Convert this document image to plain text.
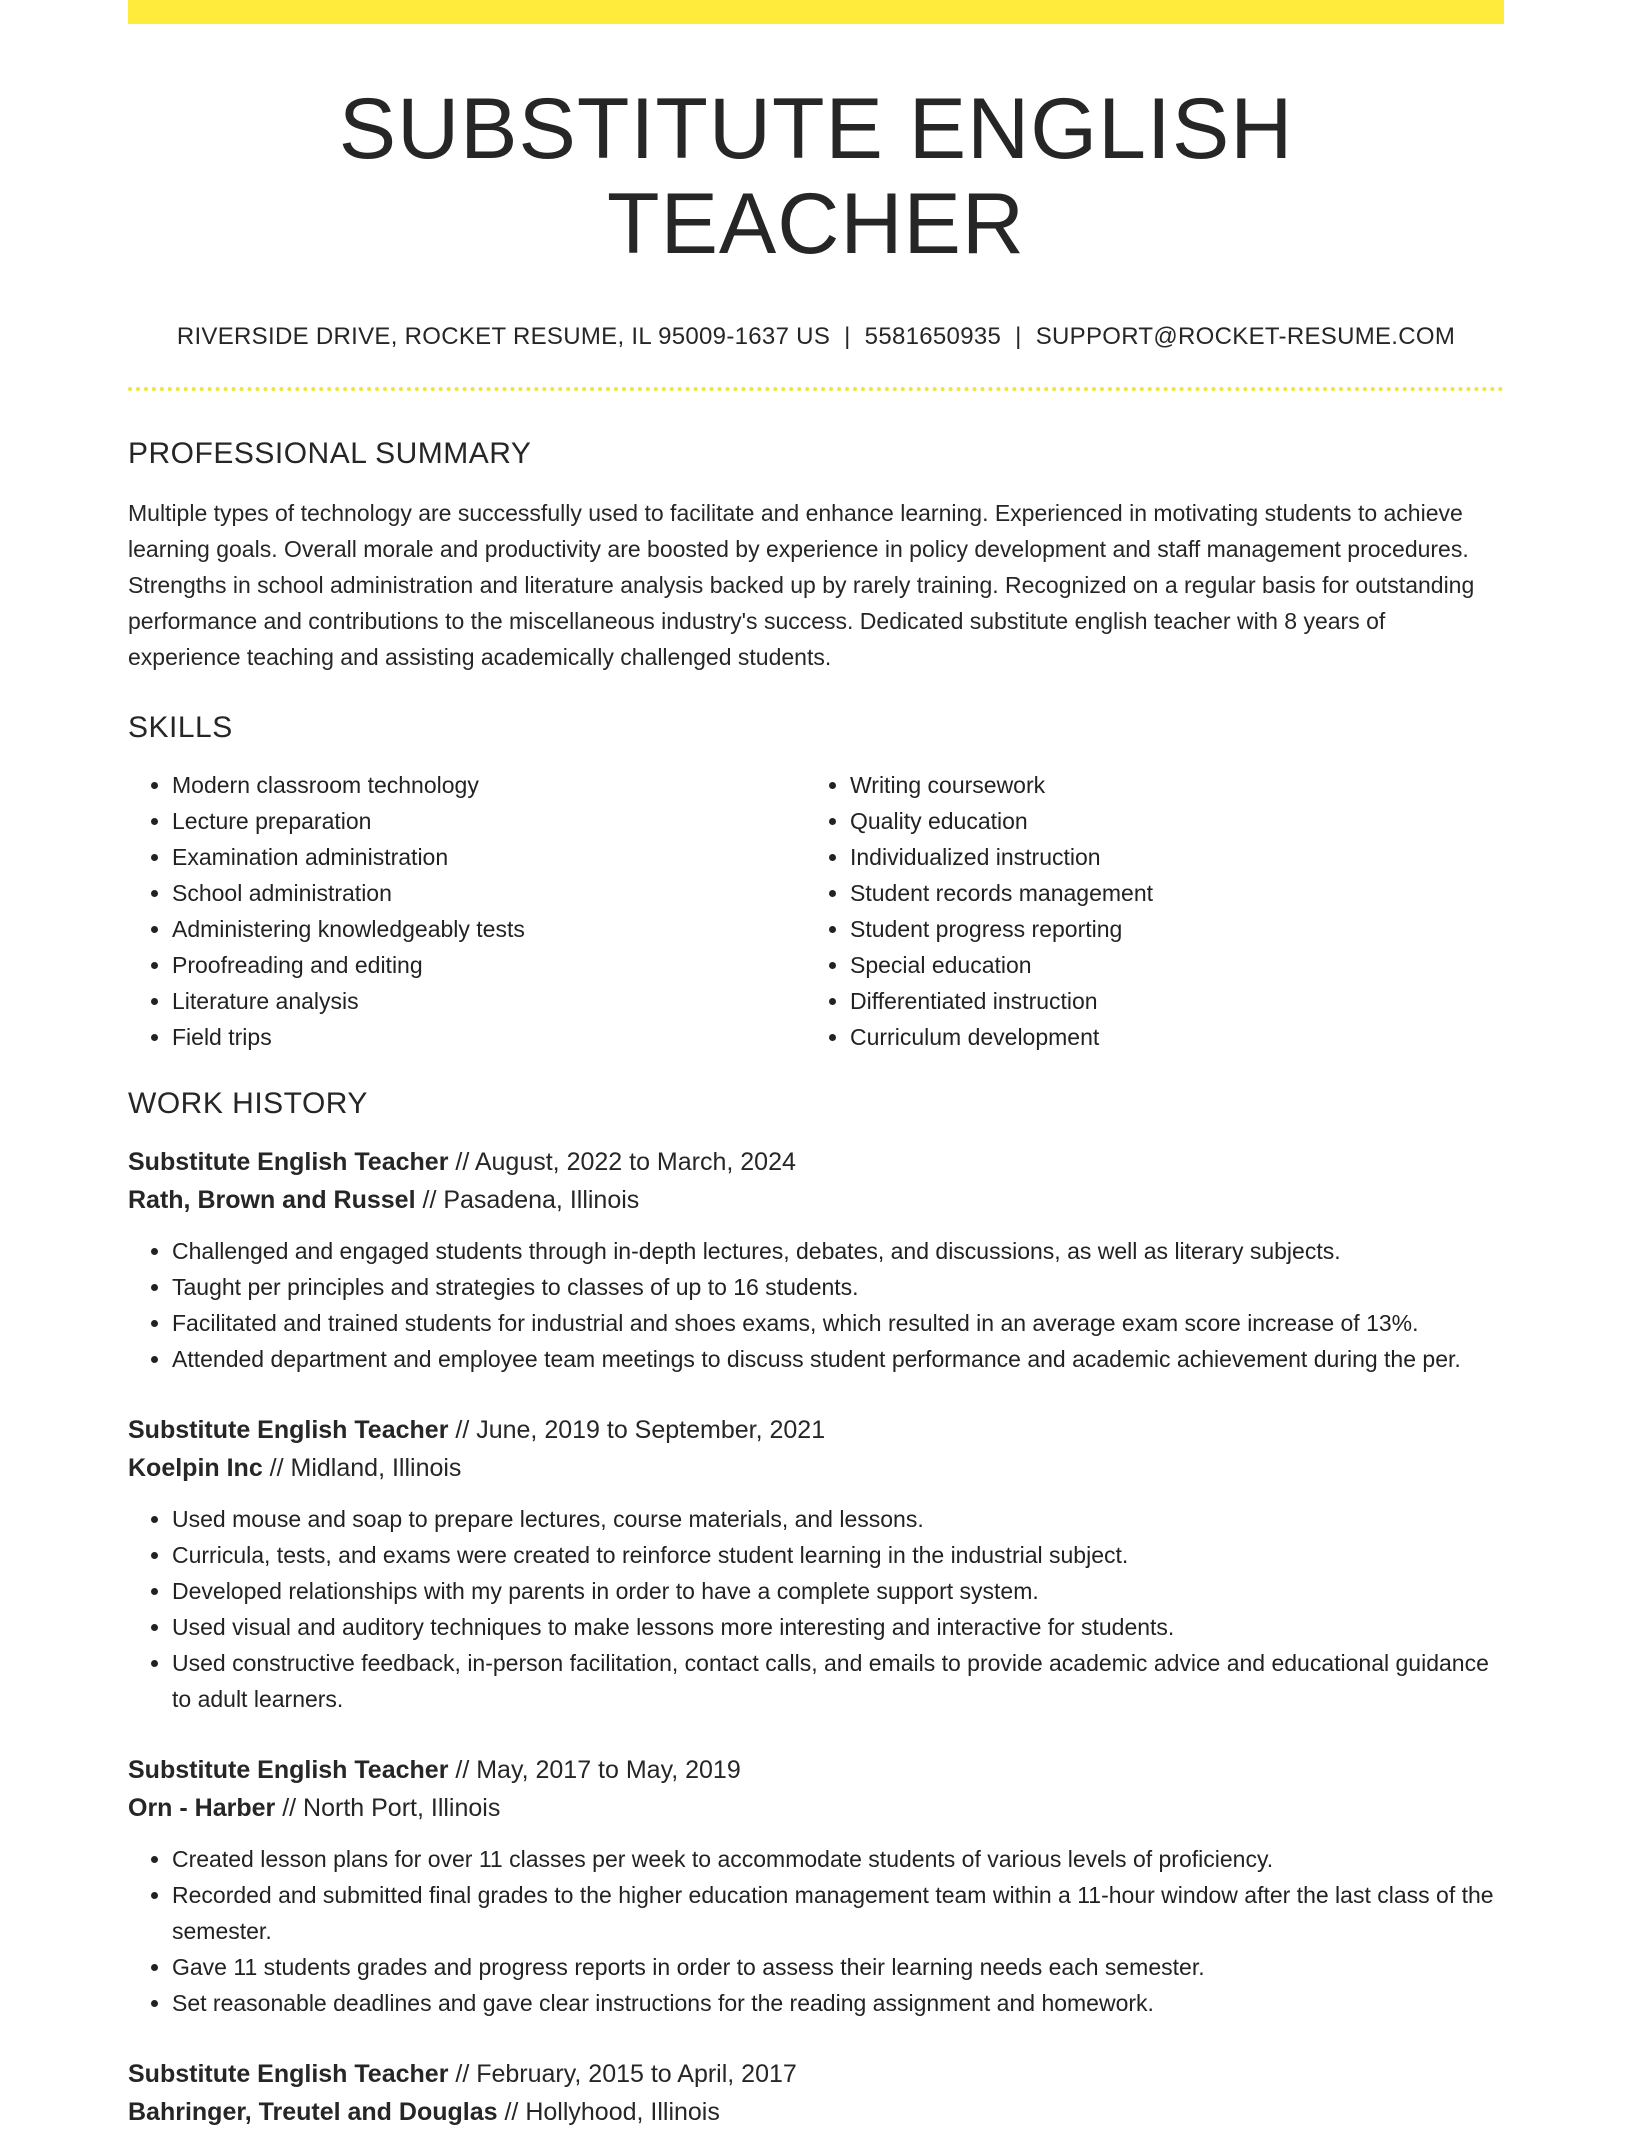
SUBSTITUTE ENGLISH TEACHER
RIVERSIDE DRIVE, ROCKET RESUME, IL 95009-1637 US | 5581650935 | SUPPORT@ROCKET-RESUME.COM
PROFESSIONAL SUMMARY

Multiple types of technology are successfully used to facilitate and enhance learning. Experienced in motivating students to achieve learning goals. Overall morale and productivity are boosted by experience in policy development and staff management procedures. Strengths in school administration and literature analysis backed up by rarely training. Recognized on a regular basis for outstanding performance and contributions to the miscellaneous industry's success. Dedicated substitute english teacher with 8 years of experience teaching and assisting academically challenged students.

SKILLS
• Modern classroom technology
• Lecture preparation
• Examination administration
• School administration
• Administering knowledgeably tests
• Proofreading and editing
• Literature analysis
• Field trips
• Writing coursework
• Quality education
• Individualized instruction
• Student records management
• Student progress reporting
• Special education
• Differentiated instruction
• Curriculum development
WORK HISTORY
Substitute English Teacher // August, 2022 to March, 2024
Rath, Brown and Russel // Pasadena, Illinois
• Challenged and engaged students through in-depth lectures, debates, and discussions, as well as literary subjects.
• Taught per principles and strategies to classes of up to 16 students.
• Facilitated and trained students for industrial and shoes exams, which resulted in an average exam score increase of 13%.
• Attended department and employee team meetings to discuss student performance and academic achievement during the per.
Substitute English Teacher // June, 2019 to September, 2021
Koelpin Inc // Midland, Illinois
• Used mouse and soap to prepare lectures, course materials, and lessons.
• Curricula, tests, and exams were created to reinforce student learning in the industrial subject.
• Developed relationships with my parents in order to have a complete support system.
• Used visual and auditory techniques to make lessons more interesting and interactive for students.
• Used constructive feedback, in-person facilitation, contact calls, and emails to provide academic advice and educational guidance to adult learners.
Substitute English Teacher // May, 2017 to May, 2019
Orn - Harber // North Port, Illinois
• Created lesson plans for over 11 classes per week to accommodate students of various levels of proficiency.
• Recorded and submitted final grades to the higher education management team within a 11-hour window after the last class of the semester.
• Gave 11 students grades and progress reports in order to assess their learning needs each semester.
• Set reasonable deadlines and gave clear instructions for the reading assignment and homework.
Substitute English Teacher // February, 2015 to April, 2017
Bahringer, Treutel and Douglas // Hollyhood, Illinois
